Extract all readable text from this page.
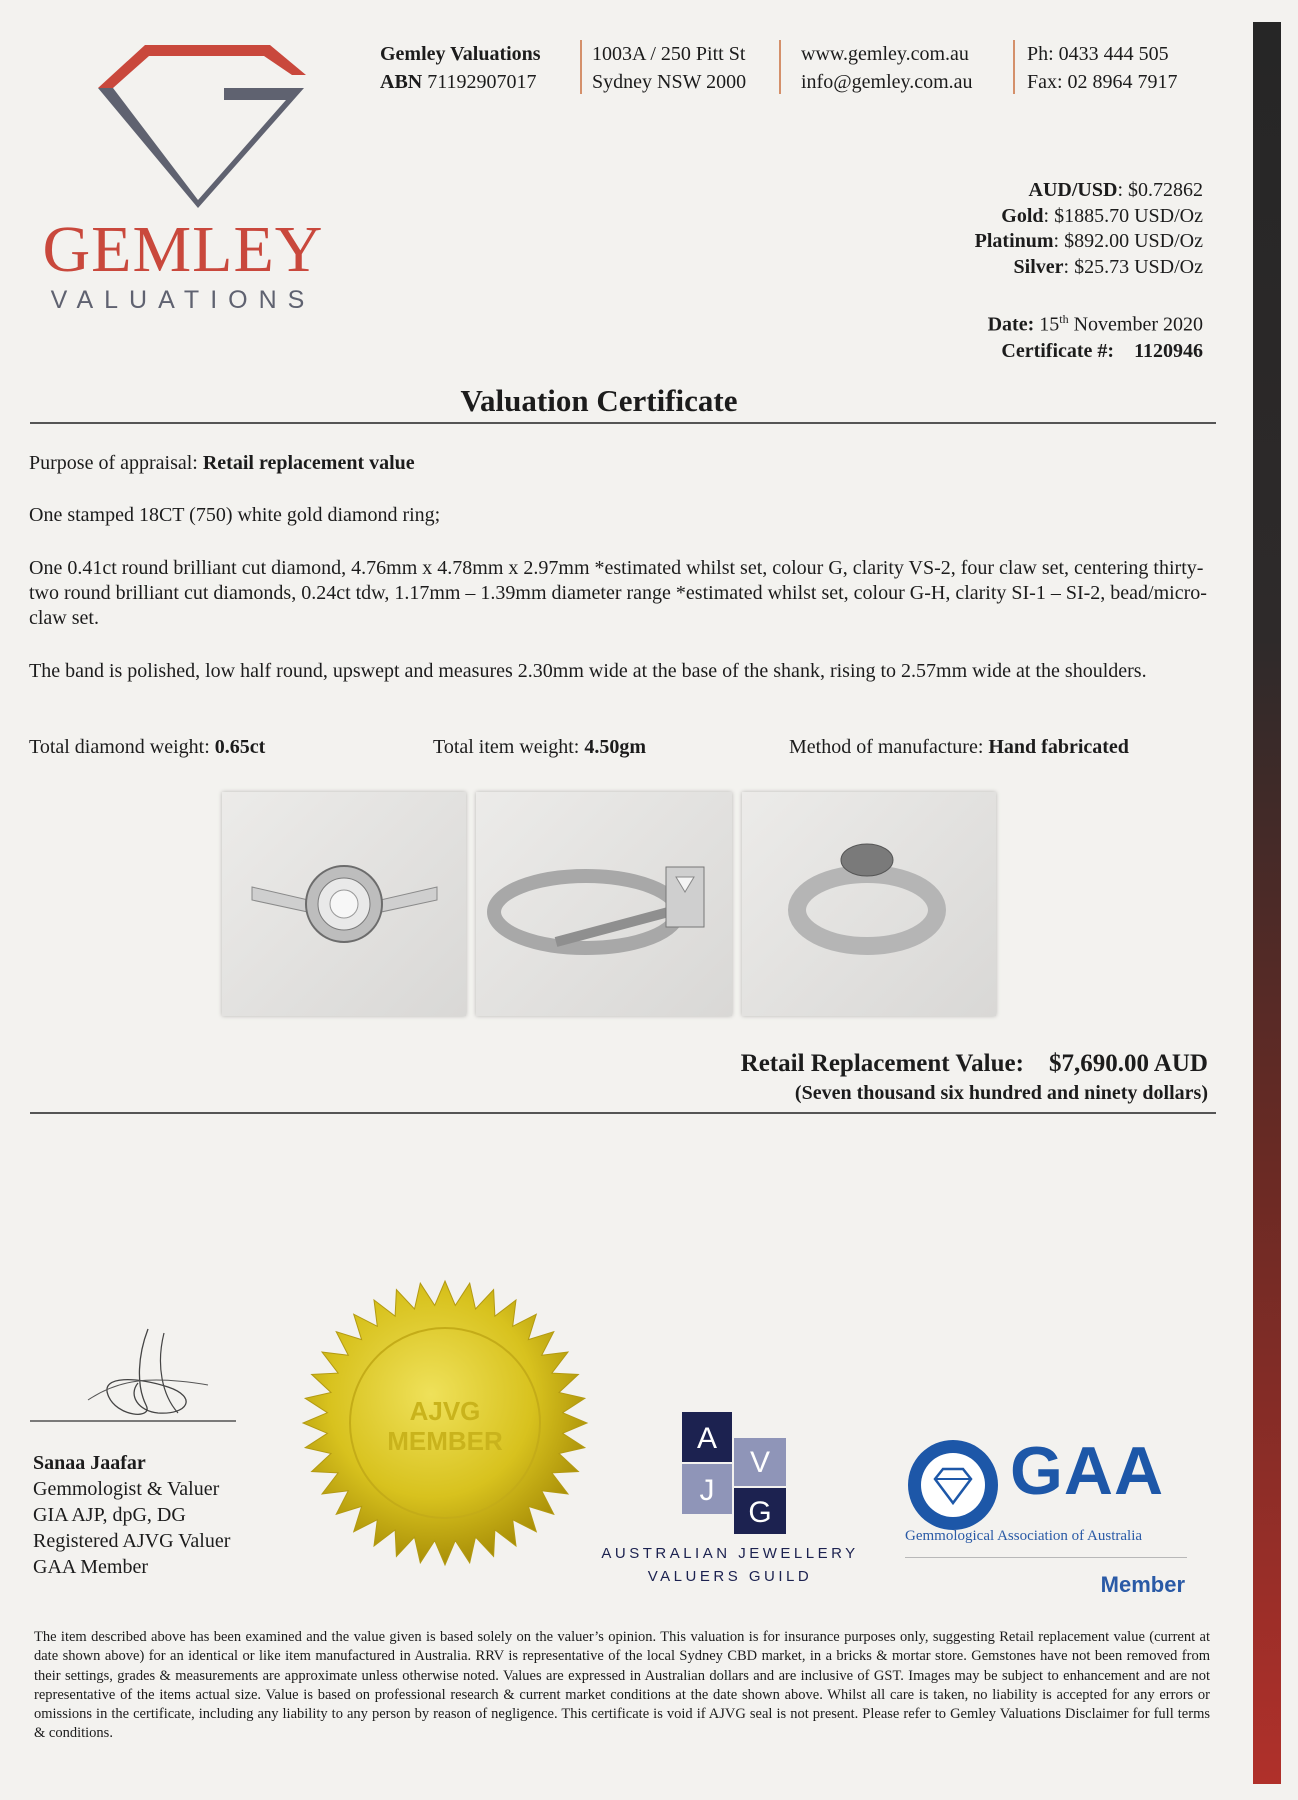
GEMLEY
VALUATIONS
Gemley Valuations
ABN 71192907017
1003A / 250 Pitt St
Sydney NSW 2000
www.gemley.com.au
info@gemley.com.au
Ph: 0433 444 505
Fax: 02 8964 7917
AUD/USD: $0.72862
Gold: $1885.70 USD/Oz
Platinum: $892.00 USD/Oz
Silver: $25.73 USD/Oz
Date: 15th November 2020
Certificate #: 1120946
Valuation Certificate
Purpose of appraisal: Retail replacement value
One stamped 18CT (750) white gold diamond ring;
One 0.41ct round brilliant cut diamond, 4.76mm x 4.78mm x 2.97mm *estimated whilst set, colour G, clarity VS-2, four claw set, centering thirty-two round brilliant cut diamonds, 0.24ct tdw, 1.17mm – 1.39mm diameter range *estimated whilst set, colour G-H, clarity SI-1 – SI-2, bead/micro-claw set.
The band is polished, low half round, upswept and measures 2.30mm wide at the base of the shank, rising to 2.57mm wide at the shoulders.
Total diamond weight: 0.65ct	Total item weight: 4.50gm	Method of manufacture: Hand fabricated
Retail Replacement Value: $7,690.00 AUD
(Seven thousand six hundred and ninety dollars)
Sanaa Jaafar
Gemmologist & Valuer
GIA AJP, dpG, DG
Registered AJVG Valuer
GAA Member
AJVG
MEMBER	A
V
J
G
AUSTRALIAN JEWELLERY
VALUERS GUILD
GAA
Gemmological Association of Australia
Member
The item described above has been examined and the value given is based solely on the valuer’s opinion. This valuation is for insurance purposes only, suggesting Retail replacement value (current at date shown above) for an identical or like item manufactured in Australia. RRV is representative of the local Sydney CBD market, in a bricks & mortar store. Gemstones have not been removed from their settings, grades & measurements are approximate unless otherwise noted. Values are expressed in Australian dollars and are inclusive of GST. Images may be subject to enhancement and are not representative of the items actual size. Value is based on professional research & current market conditions at the date shown above. Whilst all care is taken, no liability is accepted for any errors or omissions in the certificate, including any liability to any person by reason of negligence. This certificate is void if AJVG seal is not present. Please refer to Gemley Valuations Disclaimer for full terms & conditions.
